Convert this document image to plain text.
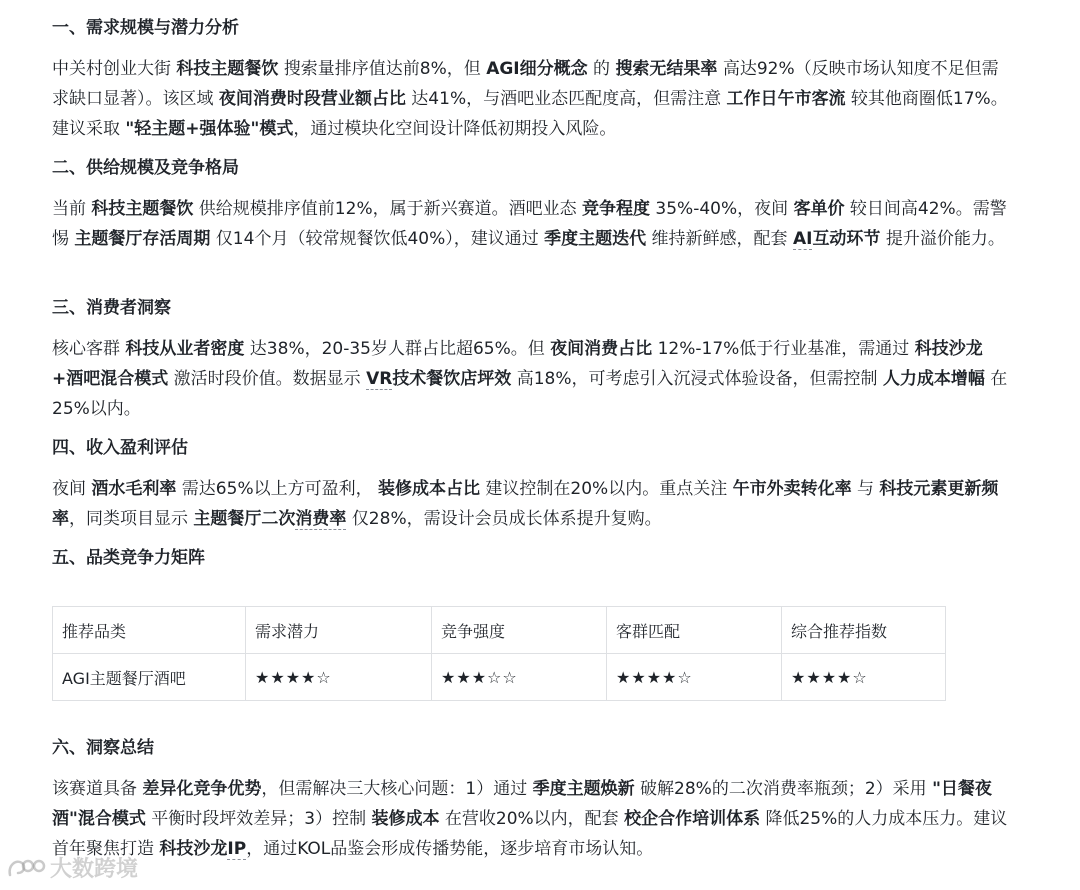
一、需求规模与潜力分析

中关村创业大街 科技主题餐饮 搜索量排序值达前8%，但 AGI细分概念 的 搜索无结果率 高达92%（反映市场认知度不足但需求缺口显著）。该区域 夜间消费时段营业额占比 达41%，与酒吧业态匹配度高，但需注意 工作日午市客流 较其他商圈低17%。建议采取 "轻主题+强体验"模式，通过模块化空间设计降低初期投入风险。

二、供给规模及竞争格局

当前 科技主题餐饮 供给规模排序值前12%，属于新兴赛道。酒吧业态 竞争程度 35%-40%，夜间 客单价 较日间高42%。需警惕 主题餐厅存活周期 仅14个月（较常规餐饮低40%），建议通过 季度主题迭代 维持新鲜感，配套 AI互动环节 提升溢价能力。

三、消费者洞察

核心客群 科技从业者密度 达38%，20-35岁人群占比超65%。但 夜间消费占比 12%-17%低于行业基准，需通过 科技沙龙+酒吧混合模式 激活时段价值。数据显示 VR技术餐饮店坪效 高18%，可考虑引入沉浸式体验设备，但需控制 人力成本增幅 在25%以内。

四、收入盈利评估

夜间 酒水毛利率 需达65%以上方可盈利， 装修成本占比 建议控制在20%以内。重点关注 午市外卖转化率 与 科技元素更新频率，同类项目显示 主题餐厅二次消费率 仅28%，需设计会员成长体系提升复购。

五、品类竞争力矩阵
推荐品类	需求潜力	竞争强度	客群匹配	综合推荐指数
AGI主题餐厅酒吧	★★★★☆	★★★☆☆	★★★★☆	★★★★☆
六、洞察总结

该赛道具备 差异化竞争优势，但需解决三大核心问题：1）通过 季度主题焕新 破解28%的二次消费率瓶颈；2）采用 "日餐夜酒"混合模式 平衡时段坪效差异；3）控制 装修成本 在营收20%以内，配套 校企合作培训体系 降低25%的人力成本压力。建议首年聚焦打造 科技沙龙IP，通过KOL品鉴会形成传播势能，逐步培育市场认知。

大数跨境
